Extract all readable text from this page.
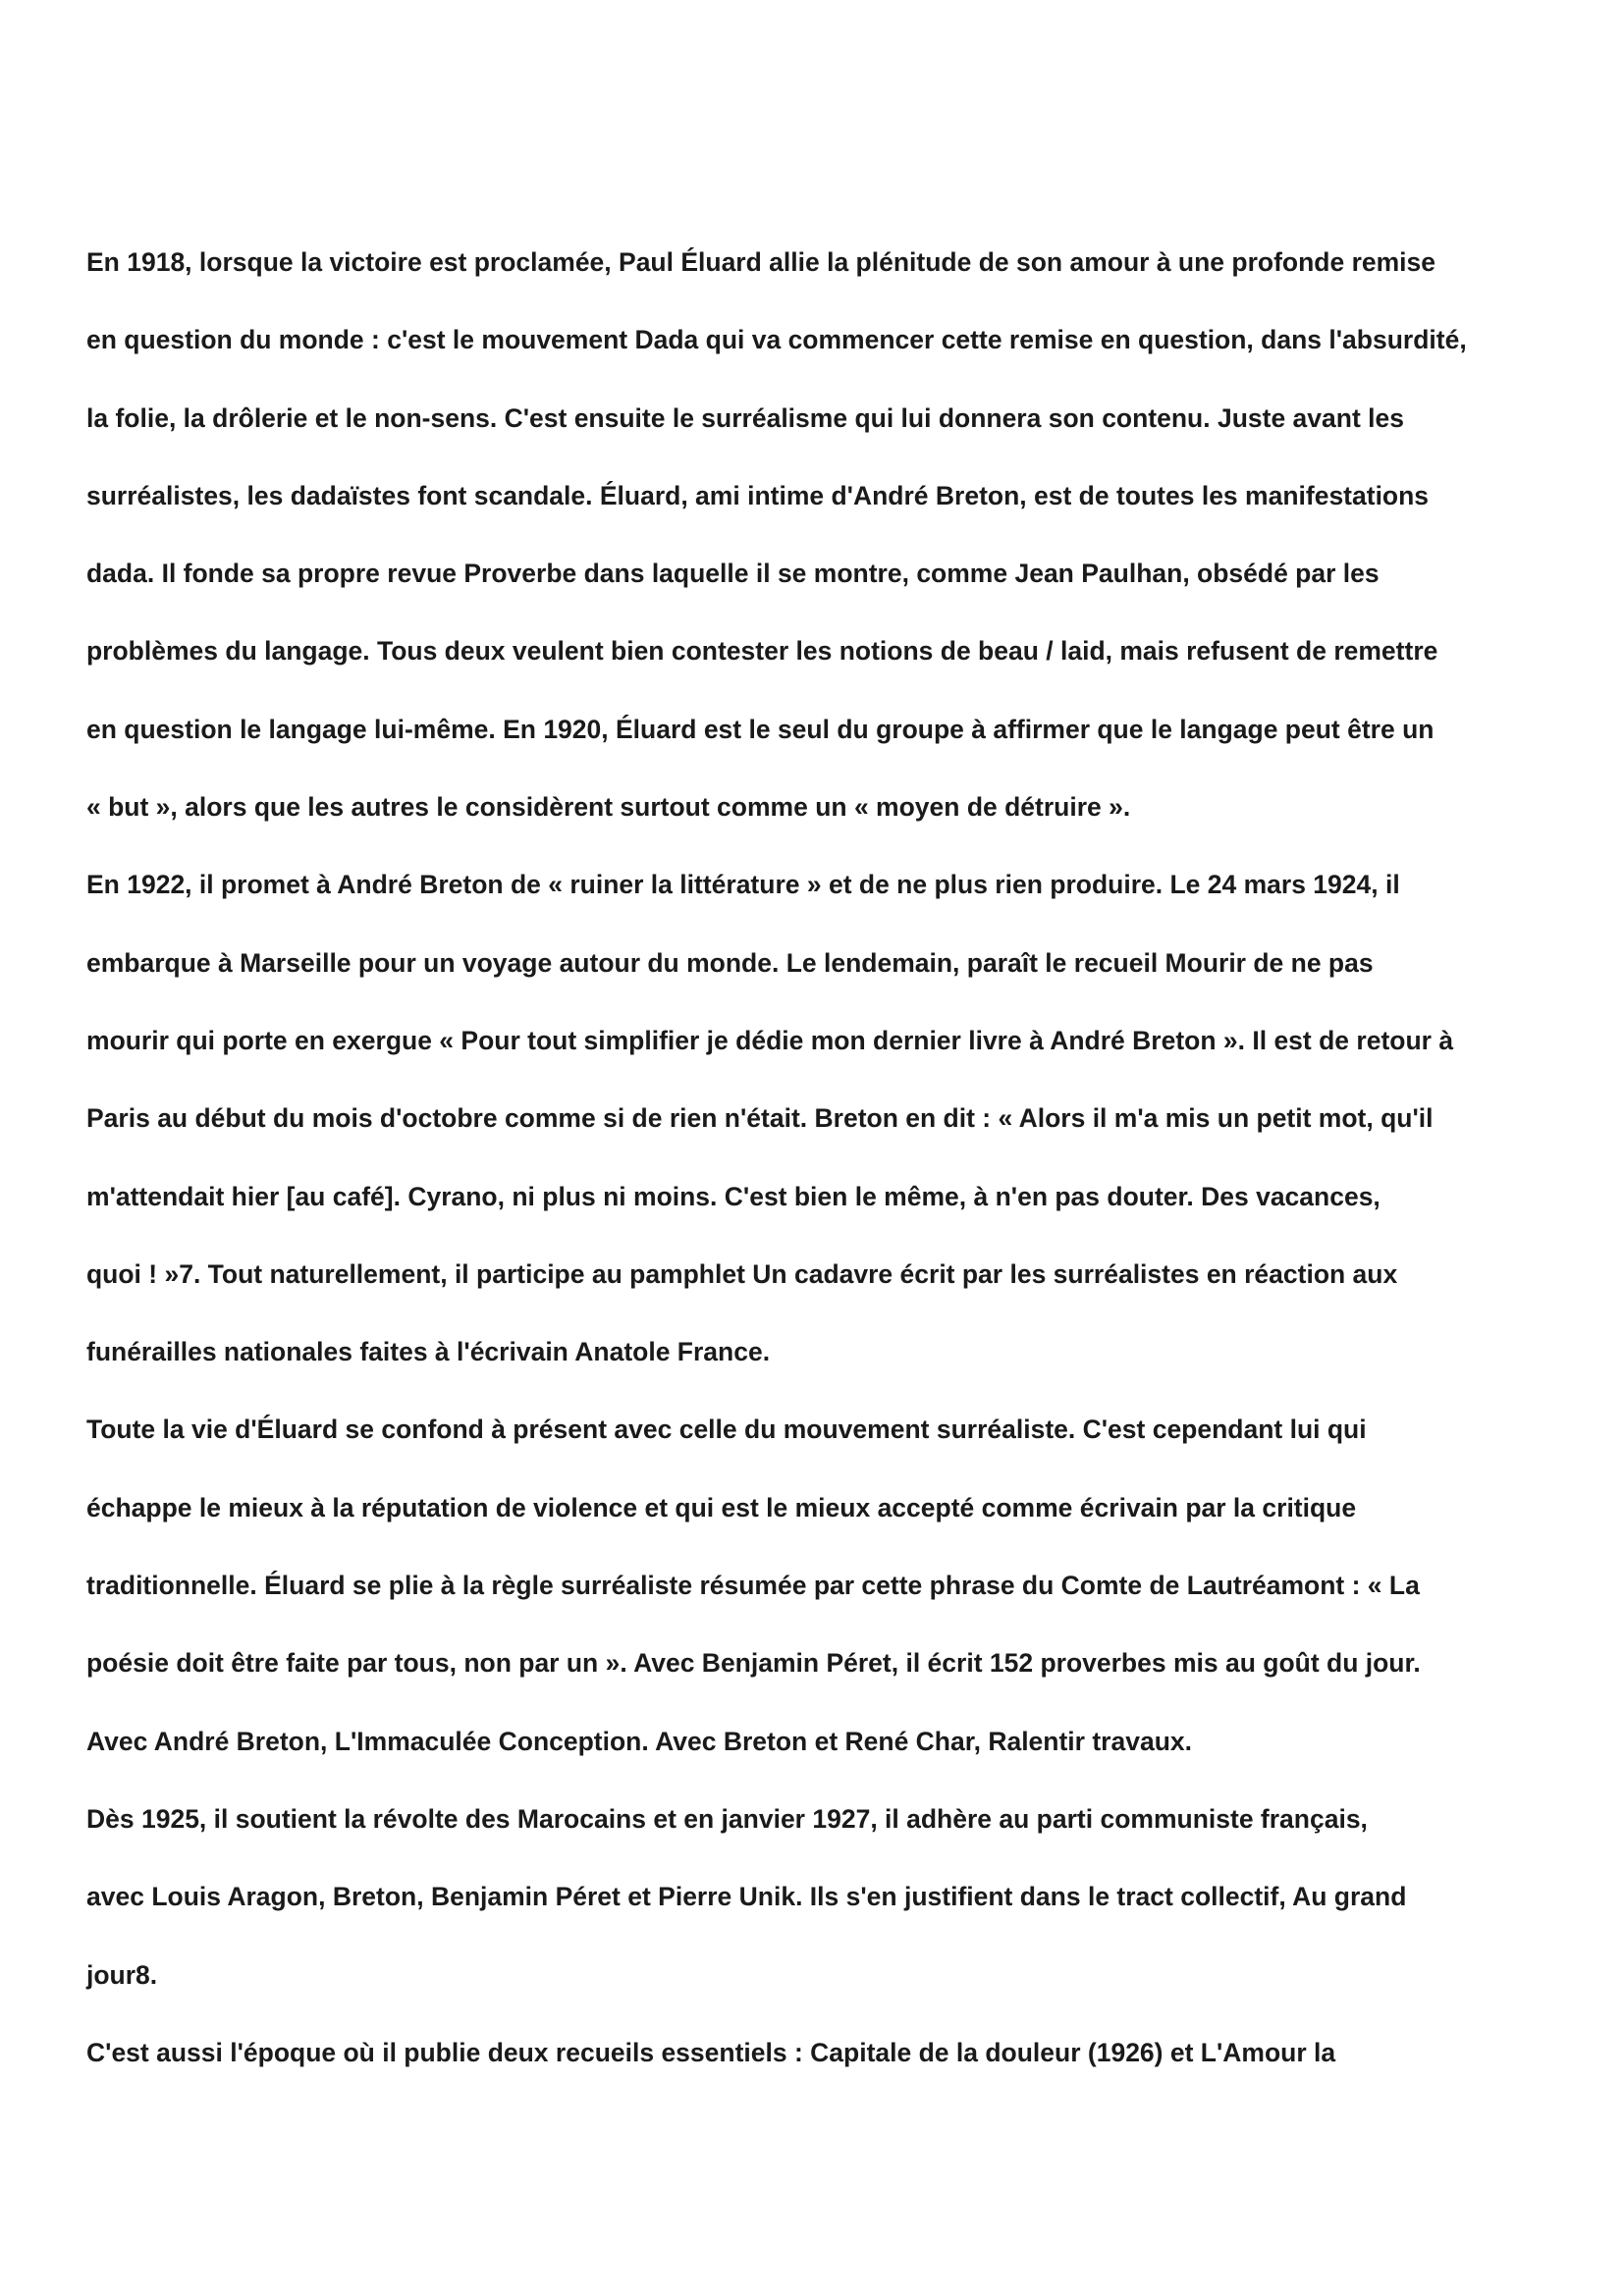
En 1918, lorsque la victoire est proclamée, Paul Éluard allie la plénitude de son amour à une profonde remise
en question du monde : c'est le mouvement Dada qui va commencer cette remise en question, dans l'absurdité,
la folie, la drôlerie et le non-sens. C'est ensuite le surréalisme qui lui donnera son contenu. Juste avant les
surréalistes, les dadaïstes font scandale. Éluard, ami intime d'André Breton, est de toutes les manifestations
dada. Il fonde sa propre revue Proverbe dans laquelle il se montre, comme Jean Paulhan, obsédé par les
problèmes du langage. Tous deux veulent bien contester les notions de beau / laid, mais refusent de remettre
en question le langage lui-même. En 1920, Éluard est le seul du groupe à affirmer que le langage peut être un
« but », alors que les autres le considèrent surtout comme un « moyen de détruire ».
En 1922, il promet à André Breton de « ruiner la littérature » et de ne plus rien produire. Le 24 mars 1924, il
embarque à Marseille pour un voyage autour du monde. Le lendemain, paraît le recueil Mourir de ne pas
mourir qui porte en exergue « Pour tout simplifier je dédie mon dernier livre à André Breton ». Il est de retour à
Paris au début du mois d'octobre comme si de rien n'était. Breton en dit : « Alors il m'a mis un petit mot, qu'il
m'attendait hier [au café]. Cyrano, ni plus ni moins. C'est bien le même, à n'en pas douter. Des vacances,
quoi ! »7. Tout naturellement, il participe au pamphlet Un cadavre écrit par les surréalistes en réaction aux
funérailles nationales faites à l'écrivain Anatole France.
Toute la vie d'Éluard se confond à présent avec celle du mouvement surréaliste. C'est cependant lui qui
échappe le mieux à la réputation de violence et qui est le mieux accepté comme écrivain par la critique
traditionnelle. Éluard se plie à la règle surréaliste résumée par cette phrase du Comte de Lautréamont : « La
poésie doit être faite par tous, non par un ». Avec Benjamin Péret, il écrit 152 proverbes mis au goût du jour.
Avec André Breton, L'Immaculée Conception. Avec Breton et René Char, Ralentir travaux.
Dès 1925, il soutient la révolte des Marocains et en janvier 1927, il adhère au parti communiste français,
avec Louis Aragon, Breton, Benjamin Péret et Pierre Unik. Ils s'en justifient dans le tract collectif, Au grand
jour8.
C'est aussi l'époque où il publie deux recueils essentiels : Capitale de la douleur (1926) et L'Amour la
